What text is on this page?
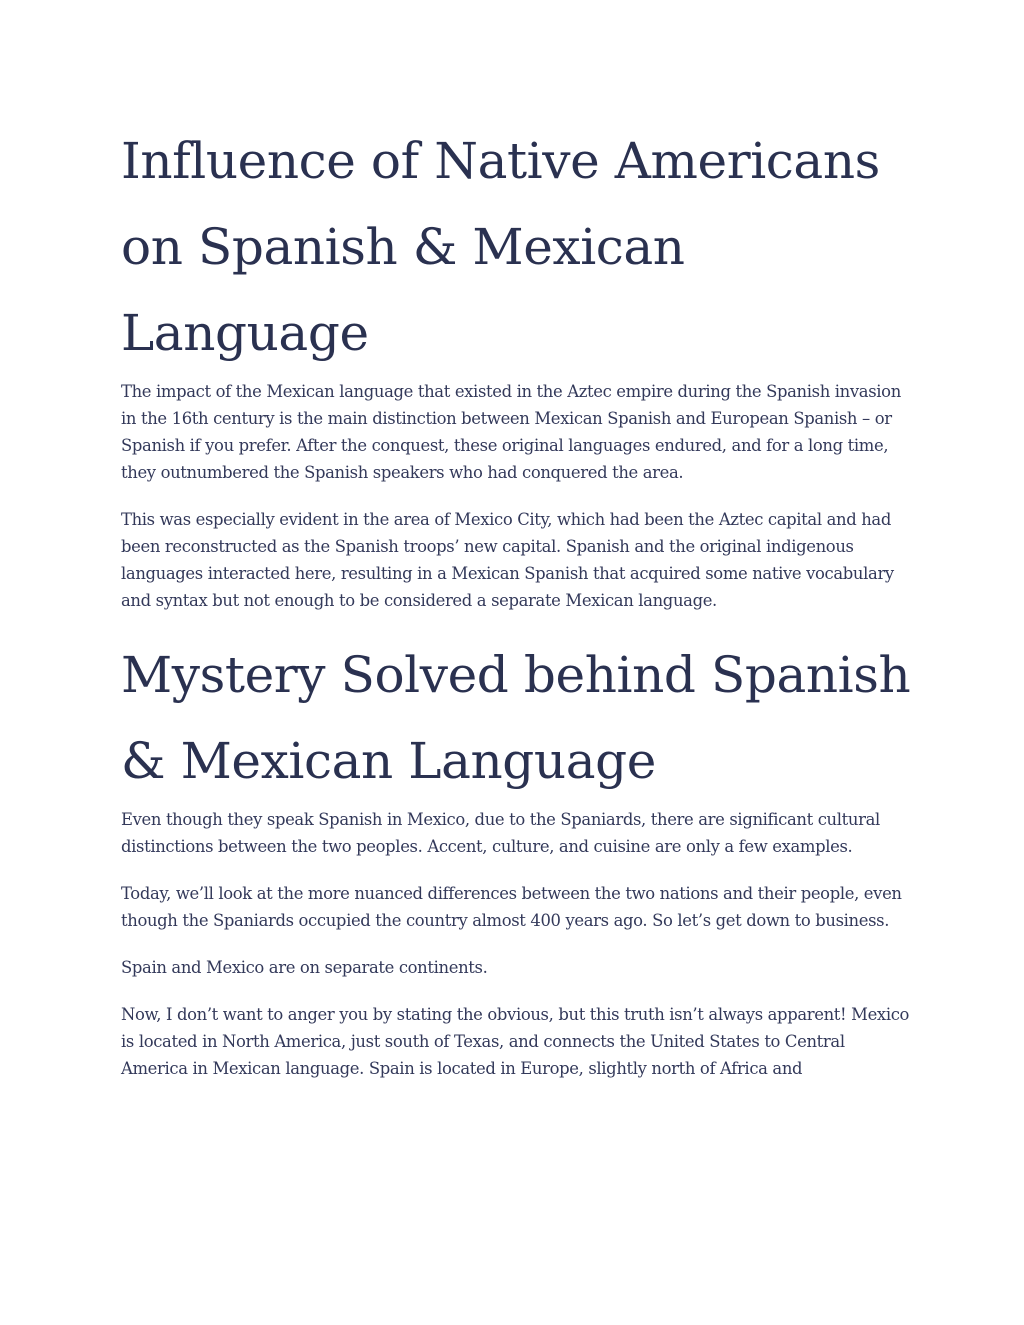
Influence of Native Americans on Spanish & Mexican Language

The impact of the Mexican language that existed in the Aztec empire during the Spanish invasion in the 16th century is the main distinction between Mexican Spanish and European Spanish – or Spanish if you prefer. After the conquest, these original languages endured, and for a long time, they outnumbered the Spanish speakers who had conquered the area.

This was especially evident in the area of Mexico City, which had been the Aztec capital and had been reconstructed as the Spanish troops’ new capital. Spanish and the original indigenous languages interacted here, resulting in a Mexican Spanish that acquired some native vocabulary and syntax but not enough to be considered a separate Mexican language.

Mystery Solved behind Spanish & Mexican Language

Even though they speak Spanish in Mexico, due to the Spaniards, there are significant cultural distinctions between the two peoples. Accent, culture, and cuisine are only a few examples.

Today, we’ll look at the more nuanced differences between the two nations and their people, even though the Spaniards occupied the country almost 400 years ago. So let’s get down to business.

Spain and Mexico are on separate continents.

Now, I don’t want to anger you by stating the obvious, but this truth isn’t always apparent! Mexico is located in North America, just south of Texas, and connects the United States to Central America in Mexican language. Spain is located in Europe, slightly north of Africa and
